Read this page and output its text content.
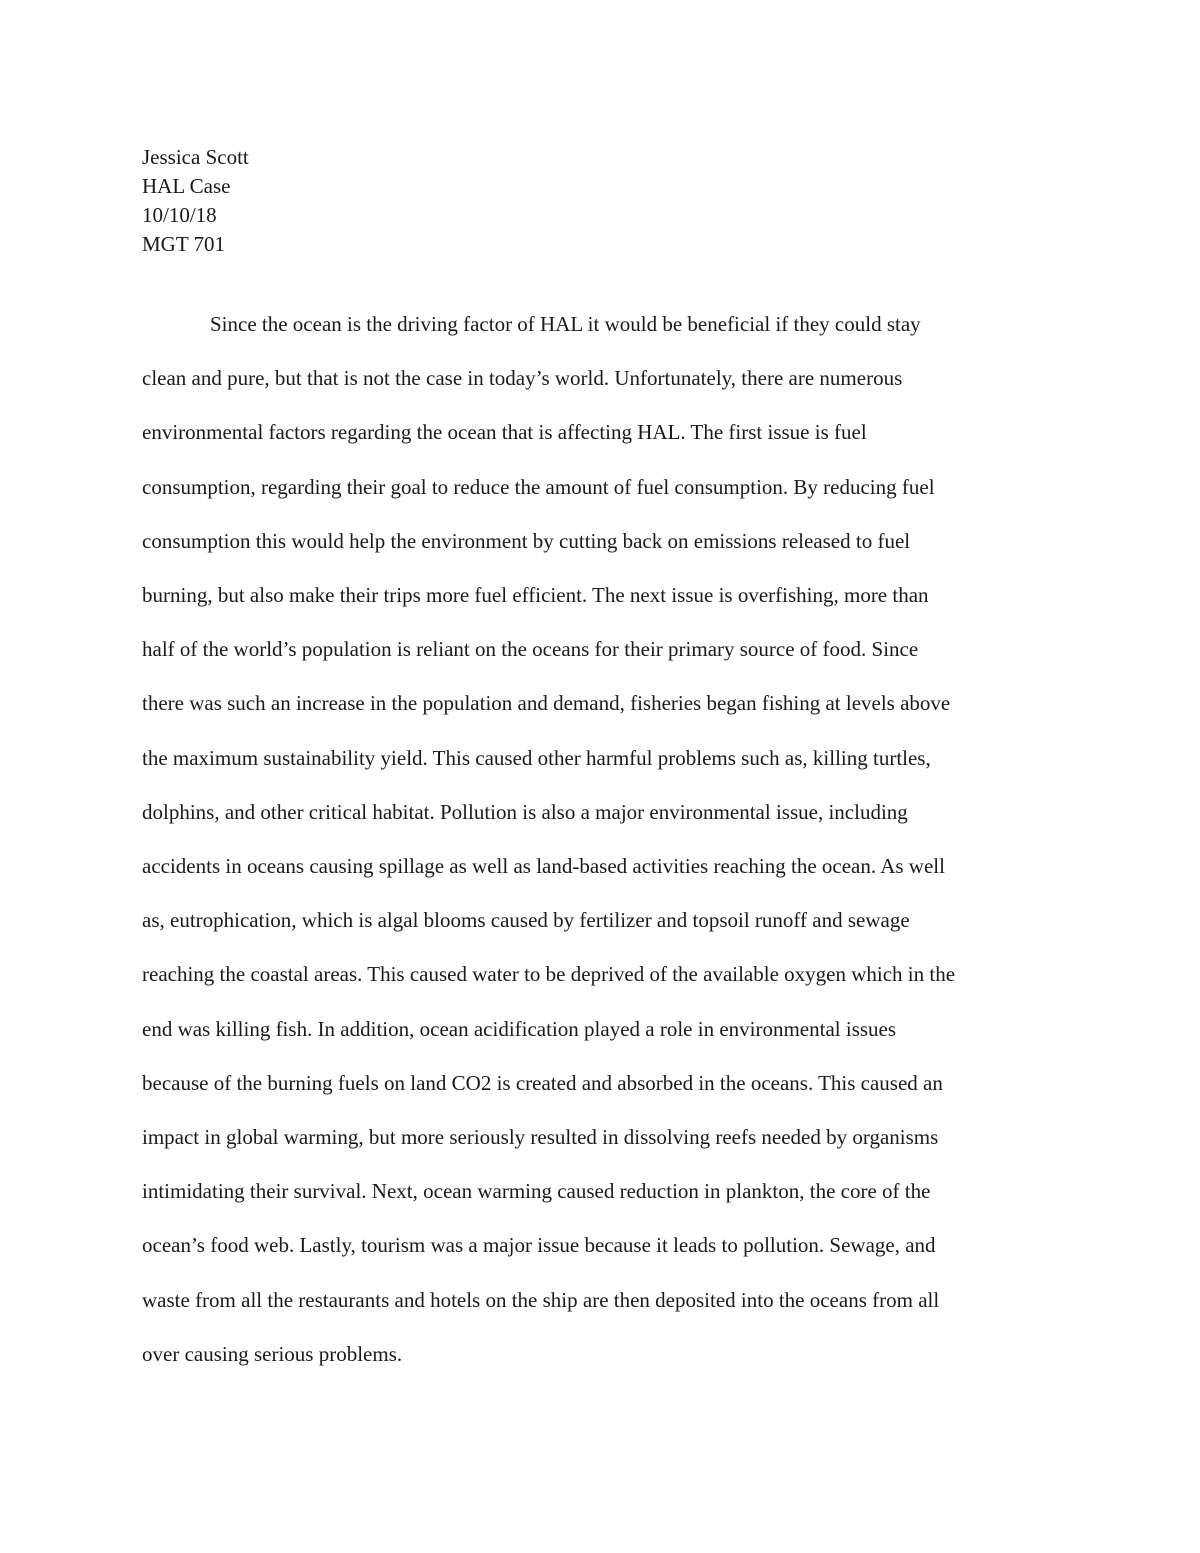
Jessica Scott
HAL Case
10/10/18
MGT 701
Since the ocean is the driving factor of HAL it would be beneficial if they could stay
clean and pure, but that is not the case in today’s world. Unfortunately, there are numerous
environmental factors regarding the ocean that is affecting HAL. The first issue is fuel
consumption, regarding their goal to reduce the amount of fuel consumption. By reducing fuel
consumption this would help the environment by cutting back on emissions released to fuel
burning, but also make their trips more fuel efficient. The next issue is overfishing, more than
half of the world’s population is reliant on the oceans for their primary source of food. Since
there was such an increase in the population and demand, fisheries began fishing at levels above
the maximum sustainability yield. This caused other harmful problems such as, killing turtles,
dolphins, and other critical habitat. Pollution is also a major environmental issue, including
accidents in oceans causing spillage as well as land-based activities reaching the ocean. As well
as, eutrophication, which is algal blooms caused by fertilizer and topsoil runoff and sewage
reaching the coastal areas. This caused water to be deprived of the available oxygen which in the
end was killing fish. In addition, ocean acidification played a role in environmental issues
because of the burning fuels on land CO2 is created and absorbed in the oceans. This caused an
impact in global warming, but more seriously resulted in dissolving reefs needed by organisms
intimidating their survival. Next, ocean warming caused reduction in plankton, the core of the
ocean’s food web. Lastly, tourism was a major issue because it leads to pollution. Sewage, and
waste from all the restaurants and hotels on the ship are then deposited into the oceans from all
over causing serious problems.
